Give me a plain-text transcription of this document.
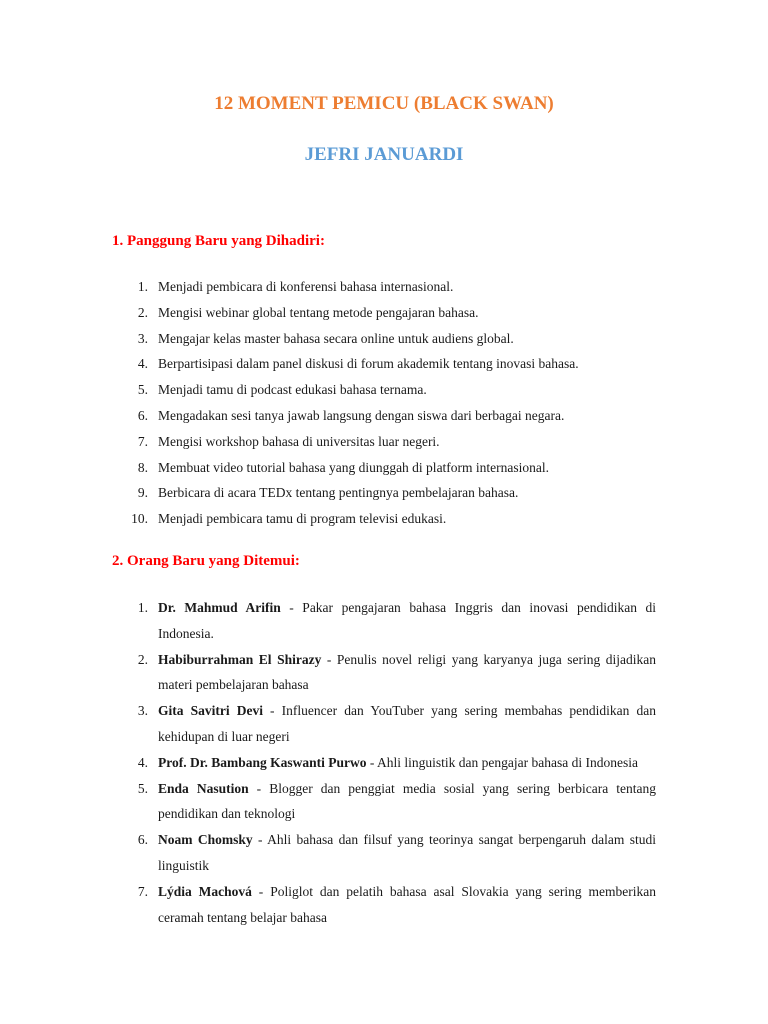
12 MOMENT PEMICU (BLACK SWAN)
JEFRI JANUARDI
1. Panggung Baru yang Dihadiri:
1. Menjadi pembicara di konferensi bahasa internasional.
2. Mengisi webinar global tentang metode pengajaran bahasa.
3. Mengajar kelas master bahasa secara online untuk audiens global.
4. Berpartisipasi dalam panel diskusi di forum akademik tentang inovasi bahasa.
5. Menjadi tamu di podcast edukasi bahasa ternama.
6. Mengadakan sesi tanya jawab langsung dengan siswa dari berbagai negara.
7. Mengisi workshop bahasa di universitas luar negeri.
8. Membuat video tutorial bahasa yang diunggah di platform internasional.
9. Berbicara di acara TEDx tentang pentingnya pembelajaran bahasa.
10. Menjadi pembicara tamu di program televisi edukasi.
2. Orang Baru yang Ditemui:
1. Dr. Mahmud Arifin - Pakar pengajaran bahasa Inggris dan inovasi pendidikan di Indonesia.
2. Habiburrahman El Shirazy - Penulis novel religi yang karyanya juga sering dijadikan materi pembelajaran bahasa
3. Gita Savitri Devi - Influencer dan YouTuber yang sering membahas pendidikan dan kehidupan di luar negeri
4. Prof. Dr. Bambang Kaswanti Purwo - Ahli linguistik dan pengajar bahasa di Indonesia
5. Enda Nasution - Blogger dan penggiat media sosial yang sering berbicara tentang pendidikan dan teknologi
6. Noam Chomsky - Ahli bahasa dan filsuf yang teorinya sangat berpengaruh dalam studi linguistik
7. Lýdia Machová - Poliglot dan pelatih bahasa asal Slovakia yang sering memberikan ceramah tentang belajar bahasa
